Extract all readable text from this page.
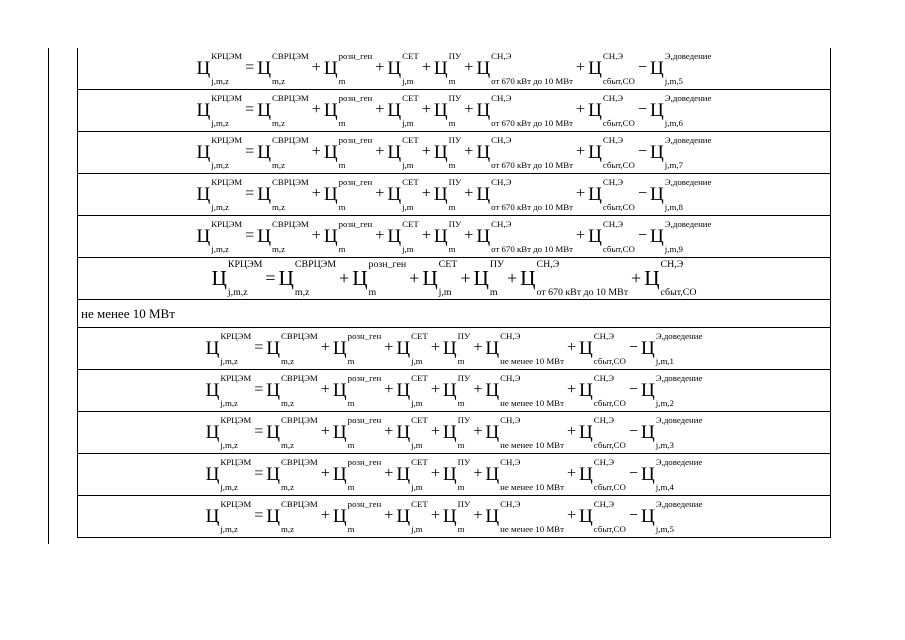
Ц
КРЦЭМ
j,m,z
= Ц
СВРЦЭМ
m,z
+ Ц
розн_ген
m
+ Ц
СЕТ
j,m
+ Ц
ПУ
m
+ Ц
СН,Э
от 670 кВт до 10 МВт
+ Ц
СН,Э
сбыт,СО
− Ц
Э,доведение
j,m,5
Ц
КРЦЭМ
j,m,z
= Ц
СВРЦЭМ
m,z
+ Ц
розн_ген
m
+ Ц
СЕТ
j,m
+ Ц
ПУ
m
+ Ц
СН,Э
от 670 кВт до 10 МВт
+ Ц
СН,Э
сбыт,СО
− Ц
Э,доведение
j,m,6
Ц
КРЦЭМ
j,m,z
= Ц
СВРЦЭМ
m,z
+ Ц
розн_ген
m
+ Ц
СЕТ
j,m
+ Ц
ПУ
m
+ Ц
СН,Э
от 670 кВт до 10 МВт
+ Ц
СН,Э
сбыт,СО
− Ц
Э,доведение
j,m,7
Ц
КРЦЭМ
j,m,z
= Ц
СВРЦЭМ
m,z
+ Ц
розн_ген
m
+ Ц
СЕТ
j,m
+ Ц
ПУ
m
+ Ц
СН,Э
от 670 кВт до 10 МВт
+ Ц
СН,Э
сбыт,СО
− Ц
Э,доведение
j,m,8
Ц
КРЦЭМ
j,m,z
= Ц
СВРЦЭМ
m,z
+ Ц
розн_ген
m
+ Ц
СЕТ
j,m
+ Ц
ПУ
m
+ Ц
СН,Э
от 670 кВт до 10 МВт
+ Ц
СН,Э
сбыт,СО
− Ц
Э,доведение
j,m,9
Ц
КРЦЭМ
j,m,z
= Ц
СВРЦЭМ
m,z
+ Ц
розн_ген
m
+ Ц
СЕТ
j,m
+ Ц
ПУ
m
+ Ц
СН,Э
от 670 кВт до 10 МВт
+ Ц
СН,Э
сбыт,СО
не менее 10 МВт
Ц
КРЦЭМ
j,m,z
= Ц
СВРЦЭМ
m,z
+ Ц
розн_ген
m
+ Ц
СЕТ
j,m
+ Ц
ПУ
m
+ Ц
СН,Э
не менее 10 МВт
+ Ц
СН,Э
сбыт,СО
− Ц
Э,доведение
j,m,1
Ц
КРЦЭМ
j,m,z
= Ц
СВРЦЭМ
m,z
+ Ц
розн_ген
m
+ Ц
СЕТ
j,m
+ Ц
ПУ
m
+ Ц
СН,Э
не менее 10 МВт
+ Ц
СН,Э
сбыт,СО
− Ц
Э,доведение
j,m,2
Ц
КРЦЭМ
j,m,z
= Ц
СВРЦЭМ
m,z
+ Ц
розн_ген
m
+ Ц
СЕТ
j,m
+ Ц
ПУ
m
+ Ц
СН,Э
не менее 10 МВт
+ Ц
СН,Э
сбыт,СО
− Ц
Э,доведение
j,m,3
Ц
КРЦЭМ
j,m,z
= Ц
СВРЦЭМ
m,z
+ Ц
розн_ген
m
+ Ц
СЕТ
j,m
+ Ц
ПУ
m
+ Ц
СН,Э
не менее 10 МВт
+ Ц
СН,Э
сбыт,СО
− Ц
Э,доведение
j,m,4
Ц
КРЦЭМ
j,m,z
= Ц
СВРЦЭМ
m,z
+ Ц
розн_ген
m
+ Ц
СЕТ
j,m
+ Ц
ПУ
m
+ Ц
СН,Э
не менее 10 МВт
+ Ц
СН,Э
сбыт,СО
− Ц
Э,доведение
j,m,5
